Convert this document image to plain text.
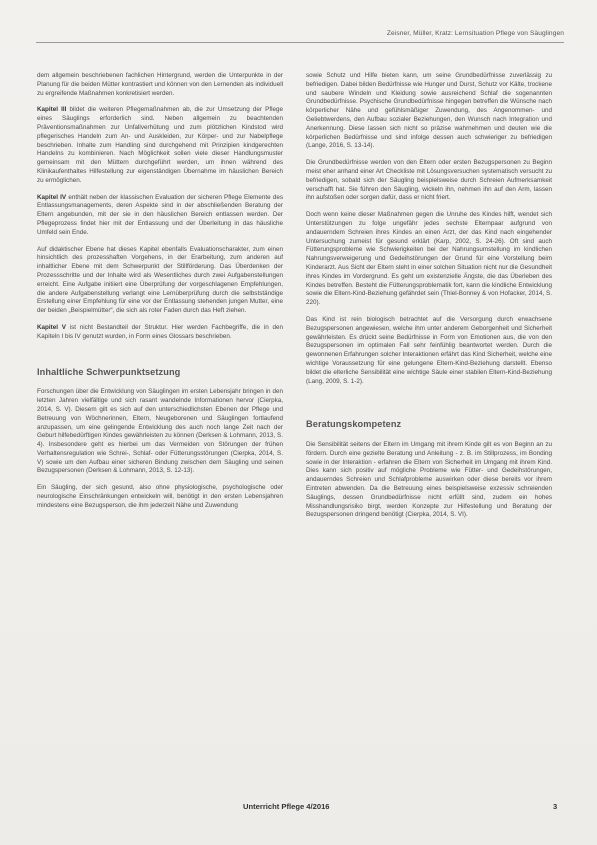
Zeisner, Müller, Kratz: Lernsituation Pflege von Säuglingen

dem allgemein beschriebenen fachlichen Hintergrund, werden die Unterpunkte in der Planung für die beiden Mütter kontrastiert und können von den Lernenden als individuell zu ergreifende Maßnahmen konkretisiert werden.

Kapitel III bildet die weiteren Pflegemaßnahmen ab, die zur Umsetzung der Pflege eines Säuglings erforderlich sind. Neben allgemein zu beachtenden Präventionsmaßnahmen zur Unfallverhütung und zum plötzlichen Kindstod wird pflegerisches Handeln zum An- und Auskleiden, zur Körper- und zur Nabelpflege beschrieben. Inhalte zum Handling sind durchgehend mit Prinzipien kindgerechten Handelns zu kombinieren. Nach Möglichkeit sollen viele dieser Handlungsmuster gemeinsam mit den Müttern durchgeführt werden, um ihnen während des Klinikaufenthaltes Hilfestellung zur eigenständigen Übernahme im häuslichen Bereich zu ermöglichen.

Kapitel IV enthält neben der klassischen Evaluation der sicheren Pflege Elemente des Entlassungsmanagements, deren Aspekte sind in der abschließenden Beratung der Eltern angebunden, mit der sie in den häuslichen Bereich entlassen werden. Der Pflegeprozess findet hier mit der Entlassung und der Überleitung in das häusliche Umfeld sein Ende.

Auf didaktischer Ebene hat dieses Kapitel ebenfalls Evaluationscharakter, zum einen hinsichtlich des prozesshaften Vorgehens, in der Erarbeitung, zum anderen auf inhaltlicher Ebene mit dem Schwerpunkt der Stillförderung. Das Überdenken der Prozessschritte und der Inhalte wird als Wesentliches durch zwei Aufgabenstellungen erreicht. Eine Aufgabe initiiert eine Überprüfung der vorgeschlagenen Empfehlungen, die andere Aufgabenstellung verlangt eine Lernüberprüfung durch die selbstständige Erstellung einer Empfehlung für eine vor der Entlassung stehenden jungen Mutter, eine der beiden „Beispielmütter“, die sich als roter Faden durch das Heft ziehen.

Kapitel V ist nicht Bestandteil der Struktur. Hier werden Fachbegriffe, die in den Kapiteln I bis IV genutzt wurden, in Form eines Glossars beschrieben.

Inhaltliche Schwerpunktsetzung

Forschungen über die Entwicklung von Säuglingen im ersten Lebensjahr bringen in den letzten Jahren vielfältige und sich rasant wandelnde Informationen hervor (Cierpka, 2014, S. V). Diesem gilt es sich auf den unterschiedlichsten Ebenen der Pflege und Betreuung von Wöchnerinnen, Eltern, Neugeborenen und Säuglingen fortlaufend anzupassen, um eine gelingende Entwicklung des auch noch lange Zeit nach der Geburt hilfebedürftigen Kindes gewährleisten zu können (Derksen & Lohmann, 2013, S. 4). Insbesondere geht es hierbei um das Vermeiden von Störungen der frühen Verhaltensregulation wie Schrei-, Schlaf- oder Fütterungsstörungen (Cierpka, 2014, S. V) sowie um den Aufbau einer sicheren Bindung zwischen dem Säugling und seinen Bezugspersonen (Derksen & Lohmann, 2013, S. 12-13).

Ein Säugling, der sich gesund, also ohne physiologische, psychologische oder neurologische Einschränkungen entwickeln will, benötigt in den ersten Lebensjahren mindestens eine Bezugsperson, die ihm jederzeit Nähe und Zuwendung

sowie Schutz und Hilfe bieten kann, um seine Grundbedürfnisse zuverlässig zu befriedigen. Dabei bilden Bedürfnisse wie Hunger und Durst, Schutz vor Kälte, trockene und saubere Windeln und Kleidung sowie ausreichend Schlaf die sogenannten Grundbedürfnisse. Psychische Grundbedürfnisse hingegen betreffen die Wünsche nach körperlicher Nähe und gefühlsmäßiger Zuwendung, des Angenommen- und Geliebtwerdens, den Aufbau sozialer Beziehungen, den Wunsch nach Integration und Anerkennung. Diese lassen sich nicht so präzise wahrnehmen und deuten wie die körperlichen Bedürfnisse und sind infolge dessen auch schwieriger zu befriedigen (Lange, 2016, S. 13-14).

Die Grundbedürfnisse werden von den Eltern oder ersten Bezugspersonen zu Beginn meist eher anhand einer Art Checkliste mit Lösungsversuchen systematisch versucht zu befriedigen, sobald sich der Säugling beispielsweise durch Schreien Aufmerksamkeit verschafft hat. Sie führen den Säugling, wickeln ihn, nehmen ihn auf den Arm, lassen ihn aufstoßen oder sorgen dafür, dass er nicht friert.

Doch wenn keine dieser Maßnahmen gegen die Unruhe des Kindes hilft, wendet sich Unterstützungen zu folge ungefähr jedes sechste Elternpaar aufgrund von andauerndem Schreien ihres Kindes an einen Arzt, der das Kind nach eingehender Untersuchung zumeist für gesund erklärt (Karp, 2002, S. 24-26). Oft sind auch Fütterungsprobleme wie Schwierigkeiten bei der Nahrungsumstellung im kindlichen Nahrungsverweigerung und Gedeihstörungen der Grund für eine Vorstellung beim Kinderarzt. Aus Sicht der Eltern steht in einer solchen Situation nicht nur die Gesundheit ihres Kindes im Vordergrund. Es geht um existenzielle Ängste, die das Überleben des Kindes betreffen. Besteht die Fütterungsproblematik fort, kann die kindliche Entwicklung sowie die Eltern-Kind-Beziehung gefährdet sein (Thiel-Bonney & von Hofacker, 2014, S. 220).

Das Kind ist rein biologisch betrachtet auf die Versorgung durch erwachsene Bezugspersonen angewiesen, welche ihm unter anderem Geborgenheit und Sicherheit gewährleisten. Es drückt seine Bedürfnisse in Form von Emotionen aus, die von den Bezugspersonen im optimalen Fall sehr feinfühlig beantwortet werden. Durch die gewonnenen Erfahrungen solcher Interaktionen erfährt das Kind Sicherheit, welche eine wichtige Voraussetzung für eine gelungene Eltern-Kind-Beziehung darstellt. Ebenso bildet die elterliche Sensibilität eine wichtige Säule einer stabilen Eltern-Kind-Beziehung (Lang, 2009, S. 1-2).

Beratungskompetenz

Die Sensibilität seitens der Eltern im Umgang mit ihrem Kinde gilt es von Beginn an zu fördern. Durch eine gezielte Beratung und Anleitung - z. B. im Stillprozess, im Bonding sowie in der Interaktion - erfahren die Eltern von Sicherheit im Umgang mit ihrem Kind. Dies kann sich positiv auf mögliche Probleme wie Fütter- und Gedeihstörungen, andauerndes Schreien und Schlafprobleme auswirken oder diese bereits vor ihrem Eintreten abwenden. Da die Betreuung eines beispielsweise exzessiv schreienden Säuglings, dessen Grundbedürfnisse nicht erfüllt sind, zudem ein hohes Misshandlungsrisiko birgt, werden Konzepte zur Hilfestellung und Beratung der Bezugspersonen dringend benötigt (Cierpka, 2014, S. VI).

Unterricht Pflege 4/2016	3
